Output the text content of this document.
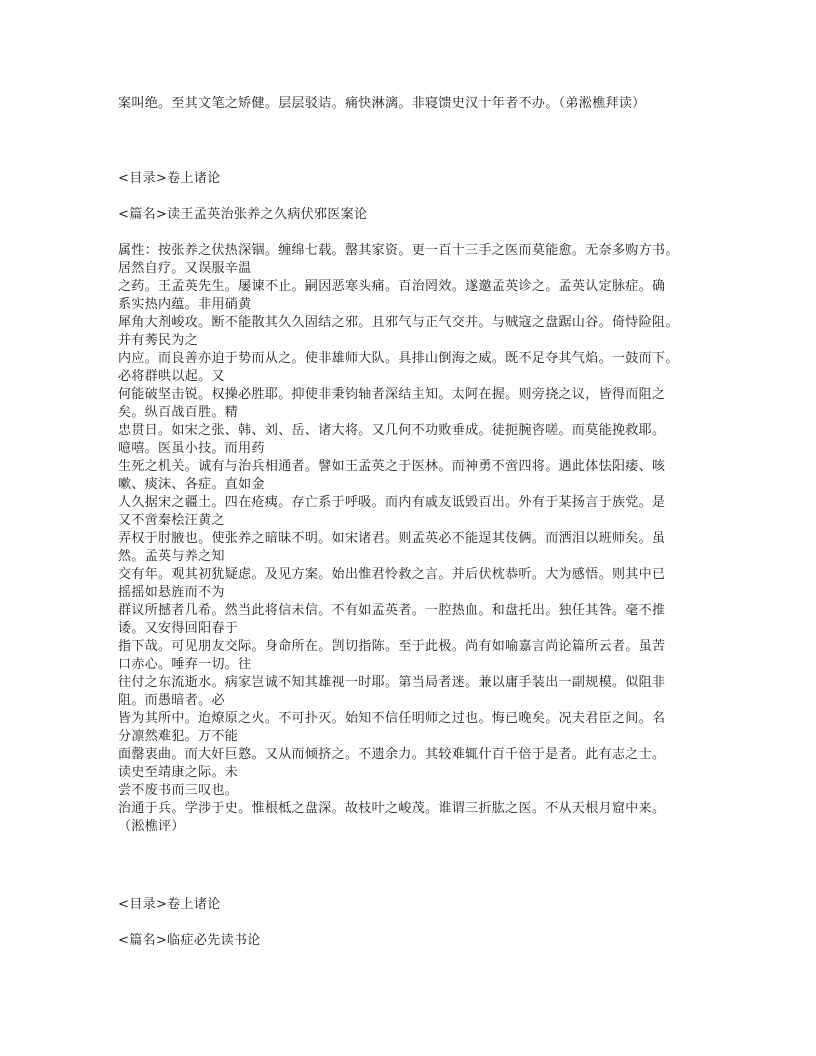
案叫绝。至其文笔之矫健。层层驳诘。痛快淋漓。非寝馈史汉十年者不办。（弟淞樵拜读）
<目录>卷上诸论
<篇名>读王孟英治张养之久病伏邪医案论
属性：按张养之伏热深锢。缠绵七载。罄其家资。更一百十三手之医而莫能愈。无奈多购方书。
居然自疗。又误服辛温
之药。王孟英先生。屡谏不止。嗣因恶寒头痛。百治罔效。遂邀孟英诊之。孟英认定脉症。确
系实热内蕴。非用硝黄
犀角大剂峻攻。断不能散其久久固结之邪。且邪气与正气交并。与贼寇之盘踞山谷。倚恃险阻。
并有莠民为之
内应。而良善亦迫于势而从之。使非雄师大队。具排山倒海之威。既不足夺其气焰。一鼓而下。
必将群哄以起。又
何能破坚击锐。权操必胜耶。抑使非秉钧轴者深结主知。太阿在握。则旁挠之议，皆得而阻之
矣。纵百战百胜。精
忠贯日。如宋之张、韩、刘、岳、诸大将。又几何不功败垂成。徒扼腕咨嗟。而莫能挽救耶。
噫嘻。医虽小技。而用药
生死之机关。诚有与治兵相通者。譬如王孟英之于医林。而神勇不啻四将。遇此体怯阳痿、咳
嗽、痰沫、各症。直如金
人久据宋之疆土。四在疮痍。存亡系于呼吸。而内有戚友诋毁百出。外有于某扬言于族党。是
又不啻秦桧汪黄之
弄权于肘腋也。使张养之暗昧不明。如宋诸君。则孟英必不能逞其伎俩。而洒泪以班师矣。虽
然。孟英与养之知
交有年。观其初犹疑虑。及见方案。始出惟君怜救之言。并后伏枕恭听。大为感悟。则其中已
摇摇如悬旌而不为
群议所撼者几希。然当此将信未信。不有如孟英者。一腔热血。和盘托出。独任其咎。毫不推
诿。又安得回阳春于
指下哉。可见朋友交际。身命所在。剀切指陈。至于此极。尚有如喻嘉言尚论篇所云者。虽苦
口赤心。唾弃一切。往
往付之东流逝水。病家岂诚不知其雄视一时耶。第当局者迷。兼以庸手装出一副规模。似阻非
阻。而愚暗者。必
皆为其所中。迨燎原之火。不可扑灭。始知不信任明师之过也。悔已晚矣。况夫君臣之间。名
分凛然难犯。万不能
面罄衷曲。而大奸巨憝。又从而倾挤之。不遗余力。其较难辄什百千倍于是者。此有志之士。
读史至靖康之际。未
尝不废书而三叹也。
治通于兵。学涉于史。惟根柢之盘深。故枝叶之峻茂。谁谓三折肱之医。不从天根月窟中来。
（淞樵评）
<目录>卷上诸论
<篇名>临症必先读书论
